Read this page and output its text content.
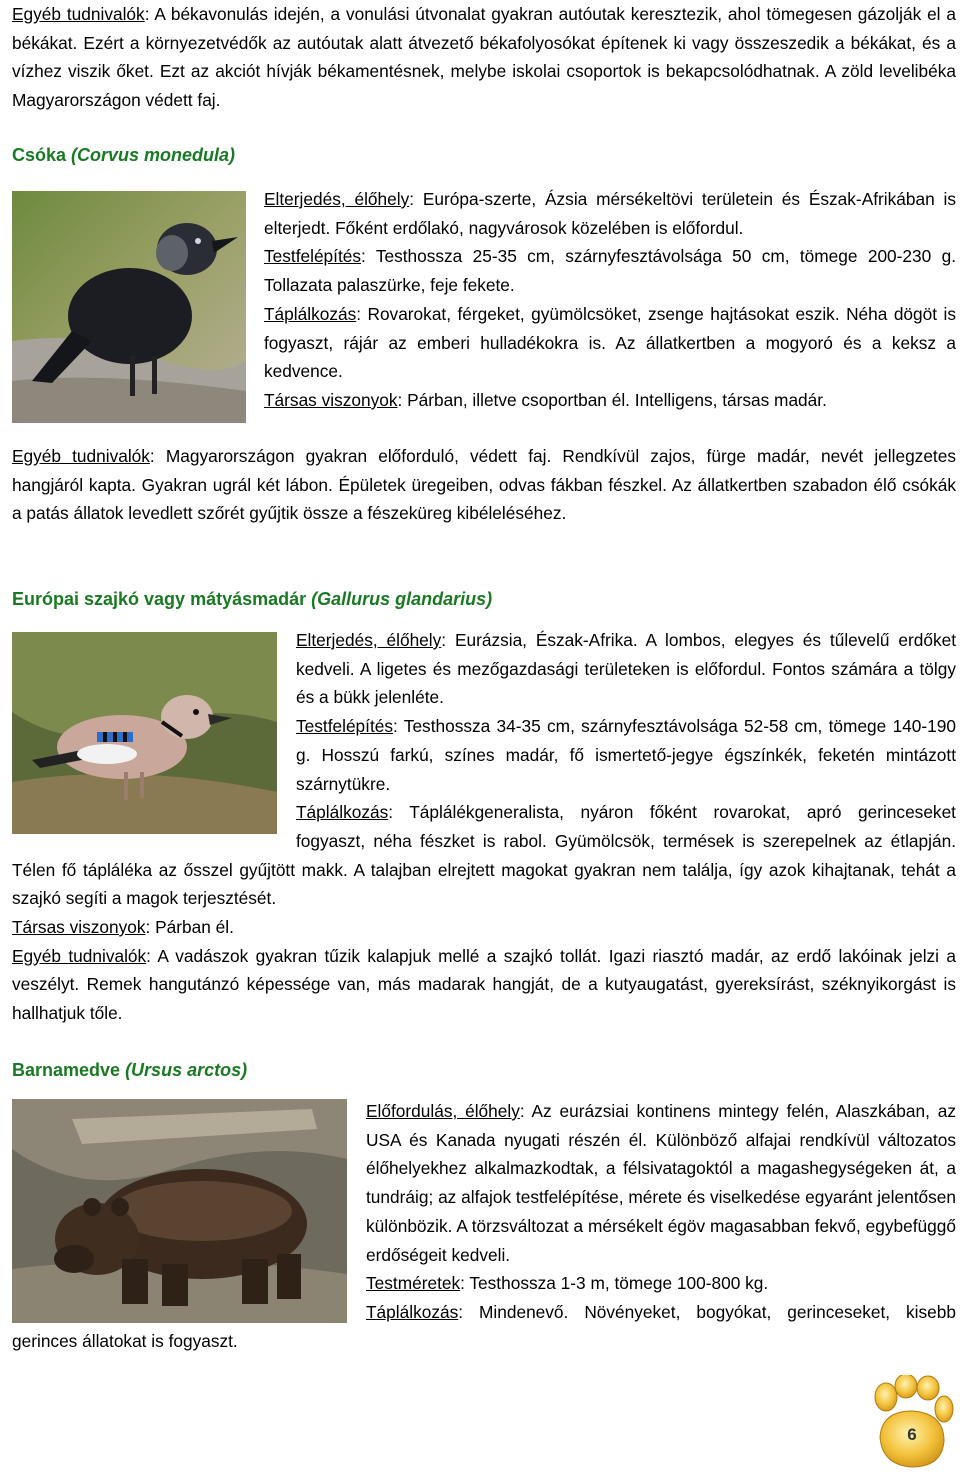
Egyéb tudnivalók: A békavonulás idején, a vonulási útvonalat gyakran autóutak keresztezik, ahol tömegesen gázolják el a békákat. Ezért a környezetvédők az autóutak alatt átvezető békafolyosókat építenek ki vagy összeszedik a békákat, és a vízhez viszik őket. Ezt az akciót hívják békamentésnek, melybe iskolai csoportok is bekapcsolódhatnak. A zöld levelibéka Magyarországon védett faj.

Csóka (Corvus monedula)

Elterjedés, élőhely: Európa-szerte, Ázsia mérsékeltövi területein és Észak-Afrikában is elterjedt. Főként erdőlakó, nagyvárosok közelében is előfordul.
Testfelépítés: Testhossza 25-35 cm, szárnyfesztávolsága 50 cm, tömege 200-230 g. Tollazata palaszürke, feje fekete.
Táplálkozás: Rovarokat, férgeket, gyümölcsöket, zsenge hajtásokat eszik. Néha dögöt is fogyaszt, rájár az emberi hulladékokra is. Az állatkertben a mogyoró és a keksz a kedvence.
Társas viszonyok: Párban, illetve csoportban él. Intelligens, társas madár.

Egyéb tudnivalók: Magyarországon gyakran előforduló, védett faj. Rendkívül zajos, fürge madár, nevét jellegzetes hangjáról kapta. Gyakran ugrál két lábon. Épületek üregeiben, odvas fákban fészkel. Az állatkertben szabadon élő csókák a patás állatok levedlett szőrét gyűjtik össze a fészeküreg kibéleléséhez.

Európai szajkó vagy mátyásmadár (Gallurus glandarius)

Elterjedés, élőhely: Eurázsia, Észak-Afrika. A lombos, elegyes és tűlevelű erdőket kedveli. A ligetes és mezőgazdasági területeken is előfordul. Fontos számára a tölgy és a bükk jelenléte.
Testfelépítés: Testhossza 34-35 cm, szárnyfesztávolsága 52-58 cm, tömege 140-190 g. Hosszú farkú, színes madár, fő ismertető-jegye égszínkék, feketén mintázott szárnytükre.
Táplálkozás: Táplálékgeneralista, nyáron főként rovarokat, apró gerinceseket fogyaszt, néha fészket is rabol. Gyümölcsök, termések is szerepelnek az étlapján. Télen fő tápláléka az ősszel gyűjtött makk. A talajban elrejtett magokat gyakran nem találja, így azok kihajtanak, tehát a szajkó segíti a magok terjesztését.
Társas viszonyok: Párban él.
Egyéb tudnivalók: A vadászok gyakran tűzik kalapjuk mellé a szajkó tollát. Igazi riasztó madár, az erdő lakóinak jelzi a veszélyt. Remek hangutánzó képessége van, más madarak hangját, de a kutyaugatást, gyereksírást, széknyikorgást is hallhatjuk tőle.

Barnamedve (Ursus arctos)

Előfordulás, élőhely: Az eurázsiai kontinens mintegy felén, Alaszkában, az USA és Kanada nyugati részén él. Különböző alfajai rendkívül változatos élőhelyekhez alkalmazkodtak, a félsivatagoktól a magashegységeken át, a tundráig; az alfajok testfelépítése, mérete és viselkedése egyaránt jelentősen különbözik. A törzsváltozat a mérsékelt égöv magasabban fekvő, egybefüggő erdőségeit kedveli.
Testméretek: Testhossza 1-3 m, tömege 100-800 kg.
Táplálkozás: Mindenevő. Növényeket, bogyókat, gerinceseket, kisebb gerinces állatokat is fogyaszt.

6
